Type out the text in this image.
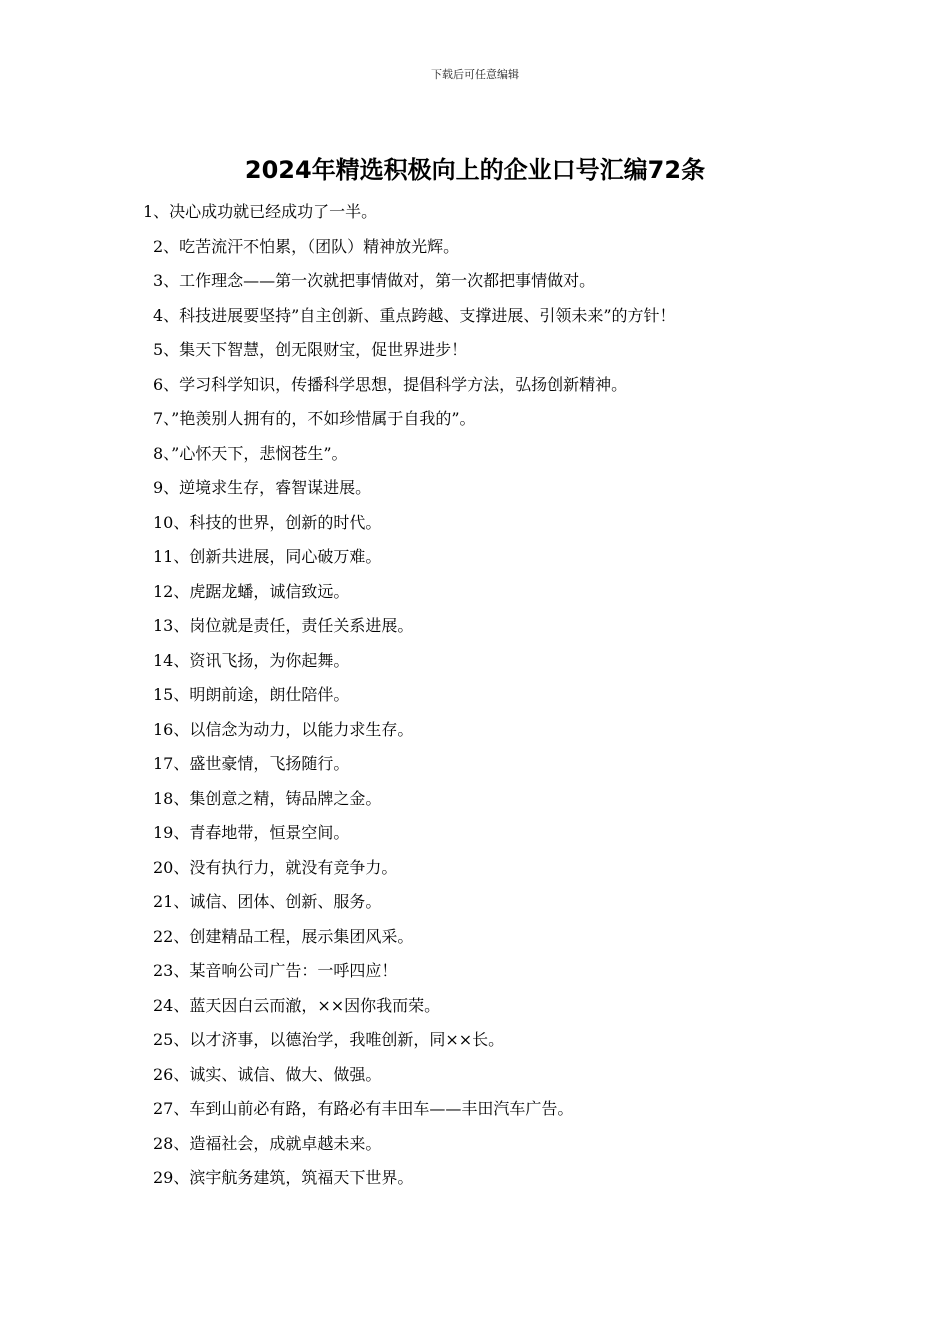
下载后可任意编辑
2024年精选积极向上的企业口号汇编72条
1、决心成功就已经成功了一半。
2、吃苦流汗不怕累，（团队）精神放光辉。
3、工作理念——第一次就把事情做对，第一次都把事情做对。
4、科技进展要坚持”自主创新、重点跨越、支撑进展、引领未来”的方针！
5、集天下智慧，创无限财宝，促世界进步！
6、学习科学知识，传播科学思想，提倡科学方法，弘扬创新精神。
7、”艳羡别人拥有的，不如珍惜属于自我的”。
8、”心怀天下，悲悯苍生”。
9、逆境求生存，睿智谋进展。
10、科技的世界，创新的时代。
11、创新共进展，同心破万难。
12、虎踞龙蟠，诚信致远。
13、岗位就是责任，责任关系进展。
14、资讯飞扬，为你起舞。
15、明朗前途，朗仕陪伴。
16、以信念为动力，以能力求生存。
17、盛世豪情，飞扬随行。
18、集创意之精，铸品牌之金。
19、青春地带，恒景空间。
20、没有执行力，就没有竞争力。
21、诚信、团体、创新、服务。
22、创建精品工程，展示集团风采。
23、某音响公司广告：一呼四应！
24、蓝天因白云而澈，××因你我而荣。
25、以才济事，以德治学，我唯创新，同××长。
26、诚实、诚信、做大、做强。
27、车到山前必有路，有路必有丰田车——丰田汽车广告。
28、造福社会，成就卓越未来。
29、滨宇航务建筑，筑福天下世界。
